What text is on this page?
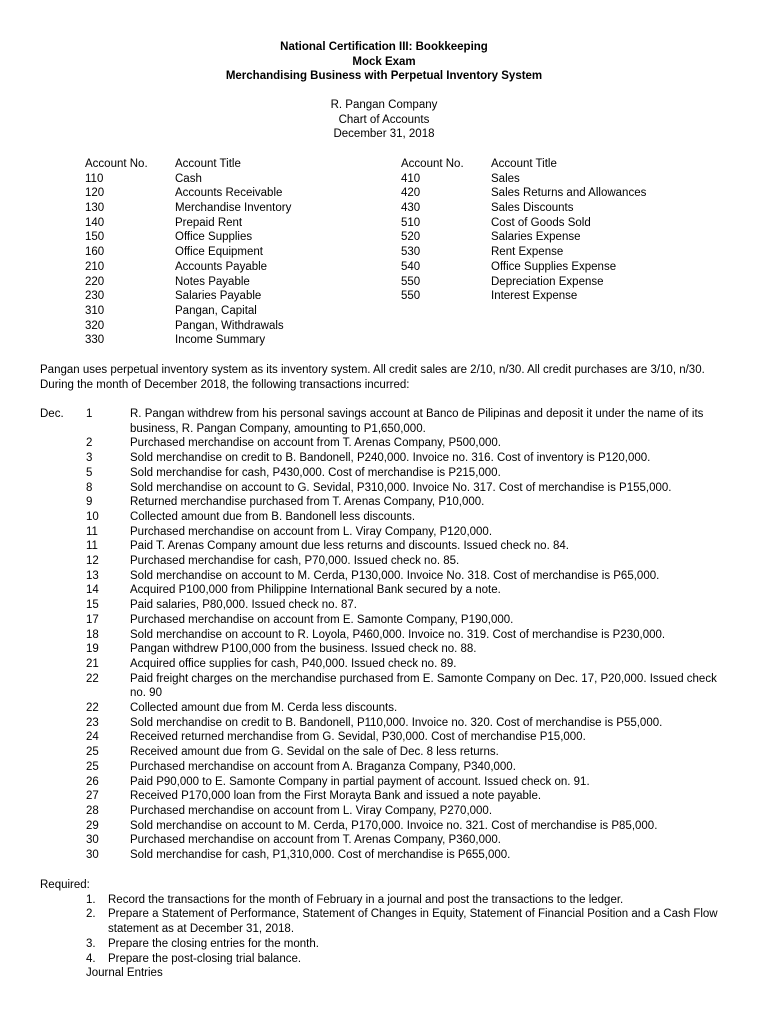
National Certification III: Bookkeeping
Mock Exam
Merchandising Business with Perpetual Inventory System
R. Pangan Company
Chart of Accounts
December 31, 2018
Account No.	Account Title
110	Cash
120	Accounts Receivable
130	Merchandise Inventory
140	Prepaid Rent
150	Office Supplies
160	Office Equipment
210	Accounts Payable
220	Notes Payable
230	Salaries Payable
310	Pangan, Capital
320	Pangan, Withdrawals
330	Income Summary
Account No.	Account Title
410	Sales
420	Sales Returns and Allowances
430	Sales Discounts
510	Cost of Goods Sold
520	Salaries Expense
530	Rent Expense
540	Office Supplies Expense
550	Depreciation Expense
550	Interest Expense
Pangan uses perpetual inventory system as its inventory system. All credit sales are 2/10, n/30. All credit purchases are 3/10, n/30. During the month of December 2018, the following transactions incurred:
Dec.	1	R. Pangan withdrew from his personal savings account at Banco de Pilipinas and deposit it under the name of its business, R. Pangan Company, amounting to P1,650,000.
2	Purchased merchandise on account from T. Arenas Company, P500,000.
3	Sold merchandise on credit to B. Bandonell, P240,000. Invoice no. 316. Cost of inventory is P120,000.
5	Sold merchandise for cash, P430,000. Cost of merchandise is P215,000.
8	Sold merchandise on account to G. Sevidal, P310,000. Invoice No. 317. Cost of merchandise is P155,000.
9	Returned merchandise purchased from T. Arenas Company, P10,000.
10	Collected amount due from B. Bandonell less discounts.
11	Purchased merchandise on account from L. Viray Company, P120,000.
11	Paid T. Arenas Company amount due less returns and discounts. Issued check no. 84.
12	Purchased merchandise for cash, P70,000. Issued check no. 85.
13	Sold merchandise on account to M. Cerda, P130,000. Invoice No. 318. Cost of merchandise is P65,000.
14	Acquired P100,000 from Philippine International Bank secured by a note.
15	Paid salaries, P80,000. Issued check no. 87.
17	Purchased merchandise on account from E. Samonte Company, P190,000.
18	Sold merchandise on account to R. Loyola, P460,000. Invoice no. 319. Cost of merchandise is P230,000.
19	Pangan withdrew P100,000 from the business. Issued check no. 88.
21	Acquired office supplies for cash, P40,000. Issued check no. 89.
22	Paid freight charges on the merchandise purchased from E. Samonte Company on Dec. 17, P20,000. Issued check no. 90
22	Collected amount due from M. Cerda less discounts.
23	Sold merchandise on credit to B. Bandonell, P110,000. Invoice no. 320. Cost of merchandise is P55,000.
24	Received returned merchandise from G. Sevidal, P30,000. Cost of merchandise P15,000.
25	Received amount due from G. Sevidal on the sale of Dec. 8 less returns.
25	Purchased merchandise on account from A. Braganza Company, P340,000.
26	Paid P90,000 to E. Samonte Company in partial payment of account. Issued check on. 91.
27	Received P170,000 loan from the First Morayta Bank and issued a note payable.
28	Purchased merchandise on account from L. Viray Company, P270,000.
29	Sold merchandise on account to M. Cerda, P170,000. Invoice no. 321. Cost of merchandise is P85,000.
30	Purchased merchandise on account from T. Arenas Company, P360,000.
30	Sold merchandise for cash, P1,310,000. Cost of merchandise is P655,000.
Required:
1.	Record the transactions for the month of February in a journal and post the transactions to the ledger.
2.	Prepare a Statement of Performance, Statement of Changes in Equity, Statement of Financial Position and a Cash Flow statement as at December 31, 2018.
3.	Prepare the closing entries for the month.
4.	Prepare the post-closing trial balance.
Journal Entries
